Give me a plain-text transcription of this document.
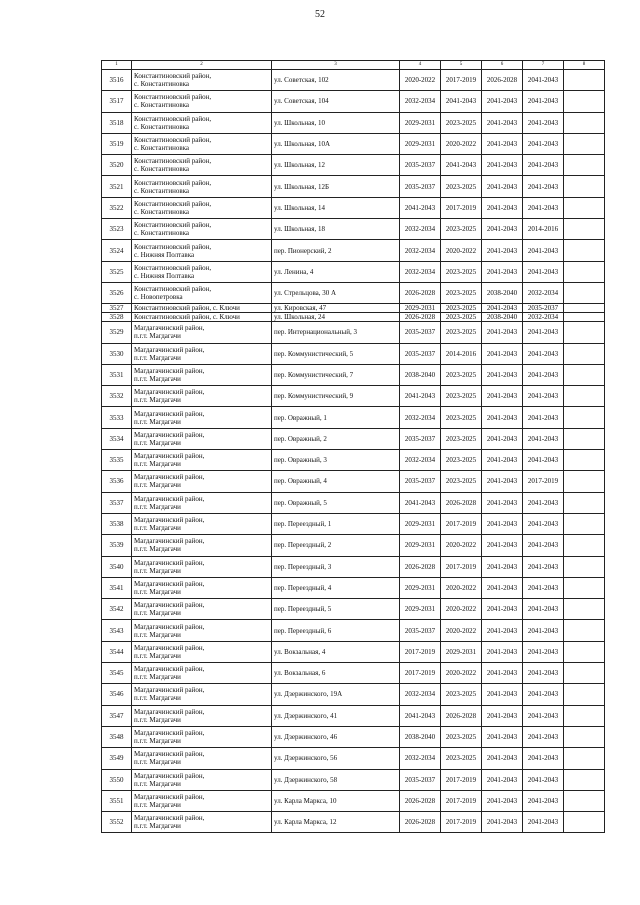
52
1	2	3	4	5	6	7	8
3516	Константиновский район,
с. Константиновка	ул. Советская, 102	2020-2022	2017-2019	2026-2028	2041-2043	
3517	Константиновский район,
с. Константиновка	ул. Советская, 104	2032-2034	2041-2043	2041-2043	2041-2043	
3518	Константиновский район,
с. Константиновка	ул. Школьная, 10	2029-2031	2023-2025	2041-2043	2041-2043	
3519	Константиновский район,
с. Константиновка	ул. Школьная, 10А	2029-2031	2020-2022	2041-2043	2041-2043	
3520	Константиновский район,
с. Константиновка	ул. Школьная, 12	2035-2037	2041-2043	2041-2043	2041-2043	
3521	Константиновский район,
с. Константиновка	ул. Школьная, 12Б	2035-2037	2023-2025	2041-2043	2041-2043	
3522	Константиновский район,
с. Константиновка	ул. Школьная, 14	2041-2043	2017-2019	2041-2043	2041-2043	
3523	Константиновский район,
с. Константиновка	ул. Школьная, 18	2032-2034	2023-2025	2041-2043	2014-2016	
3524	Константиновский район,
с. Нижняя Полтавка	пер. Пионерский, 2	2032-2034	2020-2022	2041-2043	2041-2043	
3525	Константиновский район,
с. Нижняя Полтавка	ул. Ленина, 4	2032-2034	2023-2025	2041-2043	2041-2043	
3526	Константиновский район,
с. Новопетровка	ул. Стрельцова, 30 А	2026-2028	2023-2025	2038-2040	2032-2034	
3527	Константиновский район, с. Ключи	ул. Кировская, 47	2029-2031	2023-2025	2041-2043	2035-2037	
3528	Константиновский район, с. Ключи	ул. Школьная, 24	2026-2028	2023-2025	2038-2040	2032-2034	
3529	Магдагачинский район,
п.г.т. Магдагачи	пер. Интернациональный, 3	2035-2037	2023-2025	2041-2043	2041-2043	
3530	Магдагачинский район,
п.г.т. Магдагачи	пер. Коммунистический, 5	2035-2037	2014-2016	2041-2043	2041-2043	
3531	Магдагачинский район,
п.г.т. Магдагачи	пер. Коммунистический, 7	2038-2040	2023-2025	2041-2043	2041-2043	
3532	Магдагачинский район,
п.г.т. Магдагачи	пер. Коммунистический, 9	2041-2043	2023-2025	2041-2043	2041-2043	
3533	Магдагачинский район,
п.г.т. Магдагачи	пер. Овражный, 1	2032-2034	2023-2025	2041-2043	2041-2043	
3534	Магдагачинский район,
п.г.т. Магдагачи	пер. Овражный, 2	2035-2037	2023-2025	2041-2043	2041-2043	
3535	Магдагачинский район,
п.г.т. Магдагачи	пер. Овражный, 3	2032-2034	2023-2025	2041-2043	2041-2043	
3536	Магдагачинский район,
п.г.т. Магдагачи	пер. Овражный, 4	2035-2037	2023-2025	2041-2043	2017-2019	
3537	Магдагачинский район,
п.г.т. Магдагачи	пер. Овражный, 5	2041-2043	2026-2028	2041-2043	2041-2043	
3538	Магдагачинский район,
п.г.т. Магдагачи	пер. Переездный, 1	2029-2031	2017-2019	2041-2043	2041-2043	
3539	Магдагачинский район,
п.г.т. Магдагачи	пер. Переездный, 2	2029-2031	2020-2022	2041-2043	2041-2043	
3540	Магдагачинский район,
п.г.т. Магдагачи	пер. Переездный, 3	2026-2028	2017-2019	2041-2043	2041-2043	
3541	Магдагачинский район,
п.г.т. Магдагачи	пер. Переездный, 4	2029-2031	2020-2022	2041-2043	2041-2043	
3542	Магдагачинский район,
п.г.т. Магдагачи	пер. Переездный, 5	2029-2031	2020-2022	2041-2043	2041-2043	
3543	Магдагачинский район,
п.г.т. Магдагачи	пер. Переездный, 6	2035-2037	2020-2022	2041-2043	2041-2043	
3544	Магдагачинский район,
п.г.т. Магдагачи	ул. Вокзальная, 4	2017-2019	2029-2031	2041-2043	2041-2043	
3545	Магдагачинский район,
п.г.т. Магдагачи	ул. Вокзальная, 6	2017-2019	2020-2022	2041-2043	2041-2043	
3546	Магдагачинский район,
п.г.т. Магдагачи	ул. Дзержинского, 19А	2032-2034	2023-2025	2041-2043	2041-2043	
3547	Магдагачинский район,
п.г.т. Магдагачи	ул. Дзержинского, 41	2041-2043	2026-2028	2041-2043	2041-2043	
3548	Магдагачинский район,
п.г.т. Магдагачи	ул. Дзержинского, 46	2038-2040	2023-2025	2041-2043	2041-2043	
3549	Магдагачинский район,
п.г.т. Магдагачи	ул. Дзержинского, 56	2032-2034	2023-2025	2041-2043	2041-2043	
3550	Магдагачинский район,
п.г.т. Магдагачи	ул. Дзержинского, 58	2035-2037	2017-2019	2041-2043	2041-2043	
3551	Магдагачинский район,
п.г.т. Магдагачи	ул. Карла Маркса, 10	2026-2028	2017-2019	2041-2043	2041-2043	
3552	Магдагачинский район,
п.г.т. Магдагачи	ул. Карла Маркса, 12	2026-2028	2017-2019	2041-2043	2041-2043	
